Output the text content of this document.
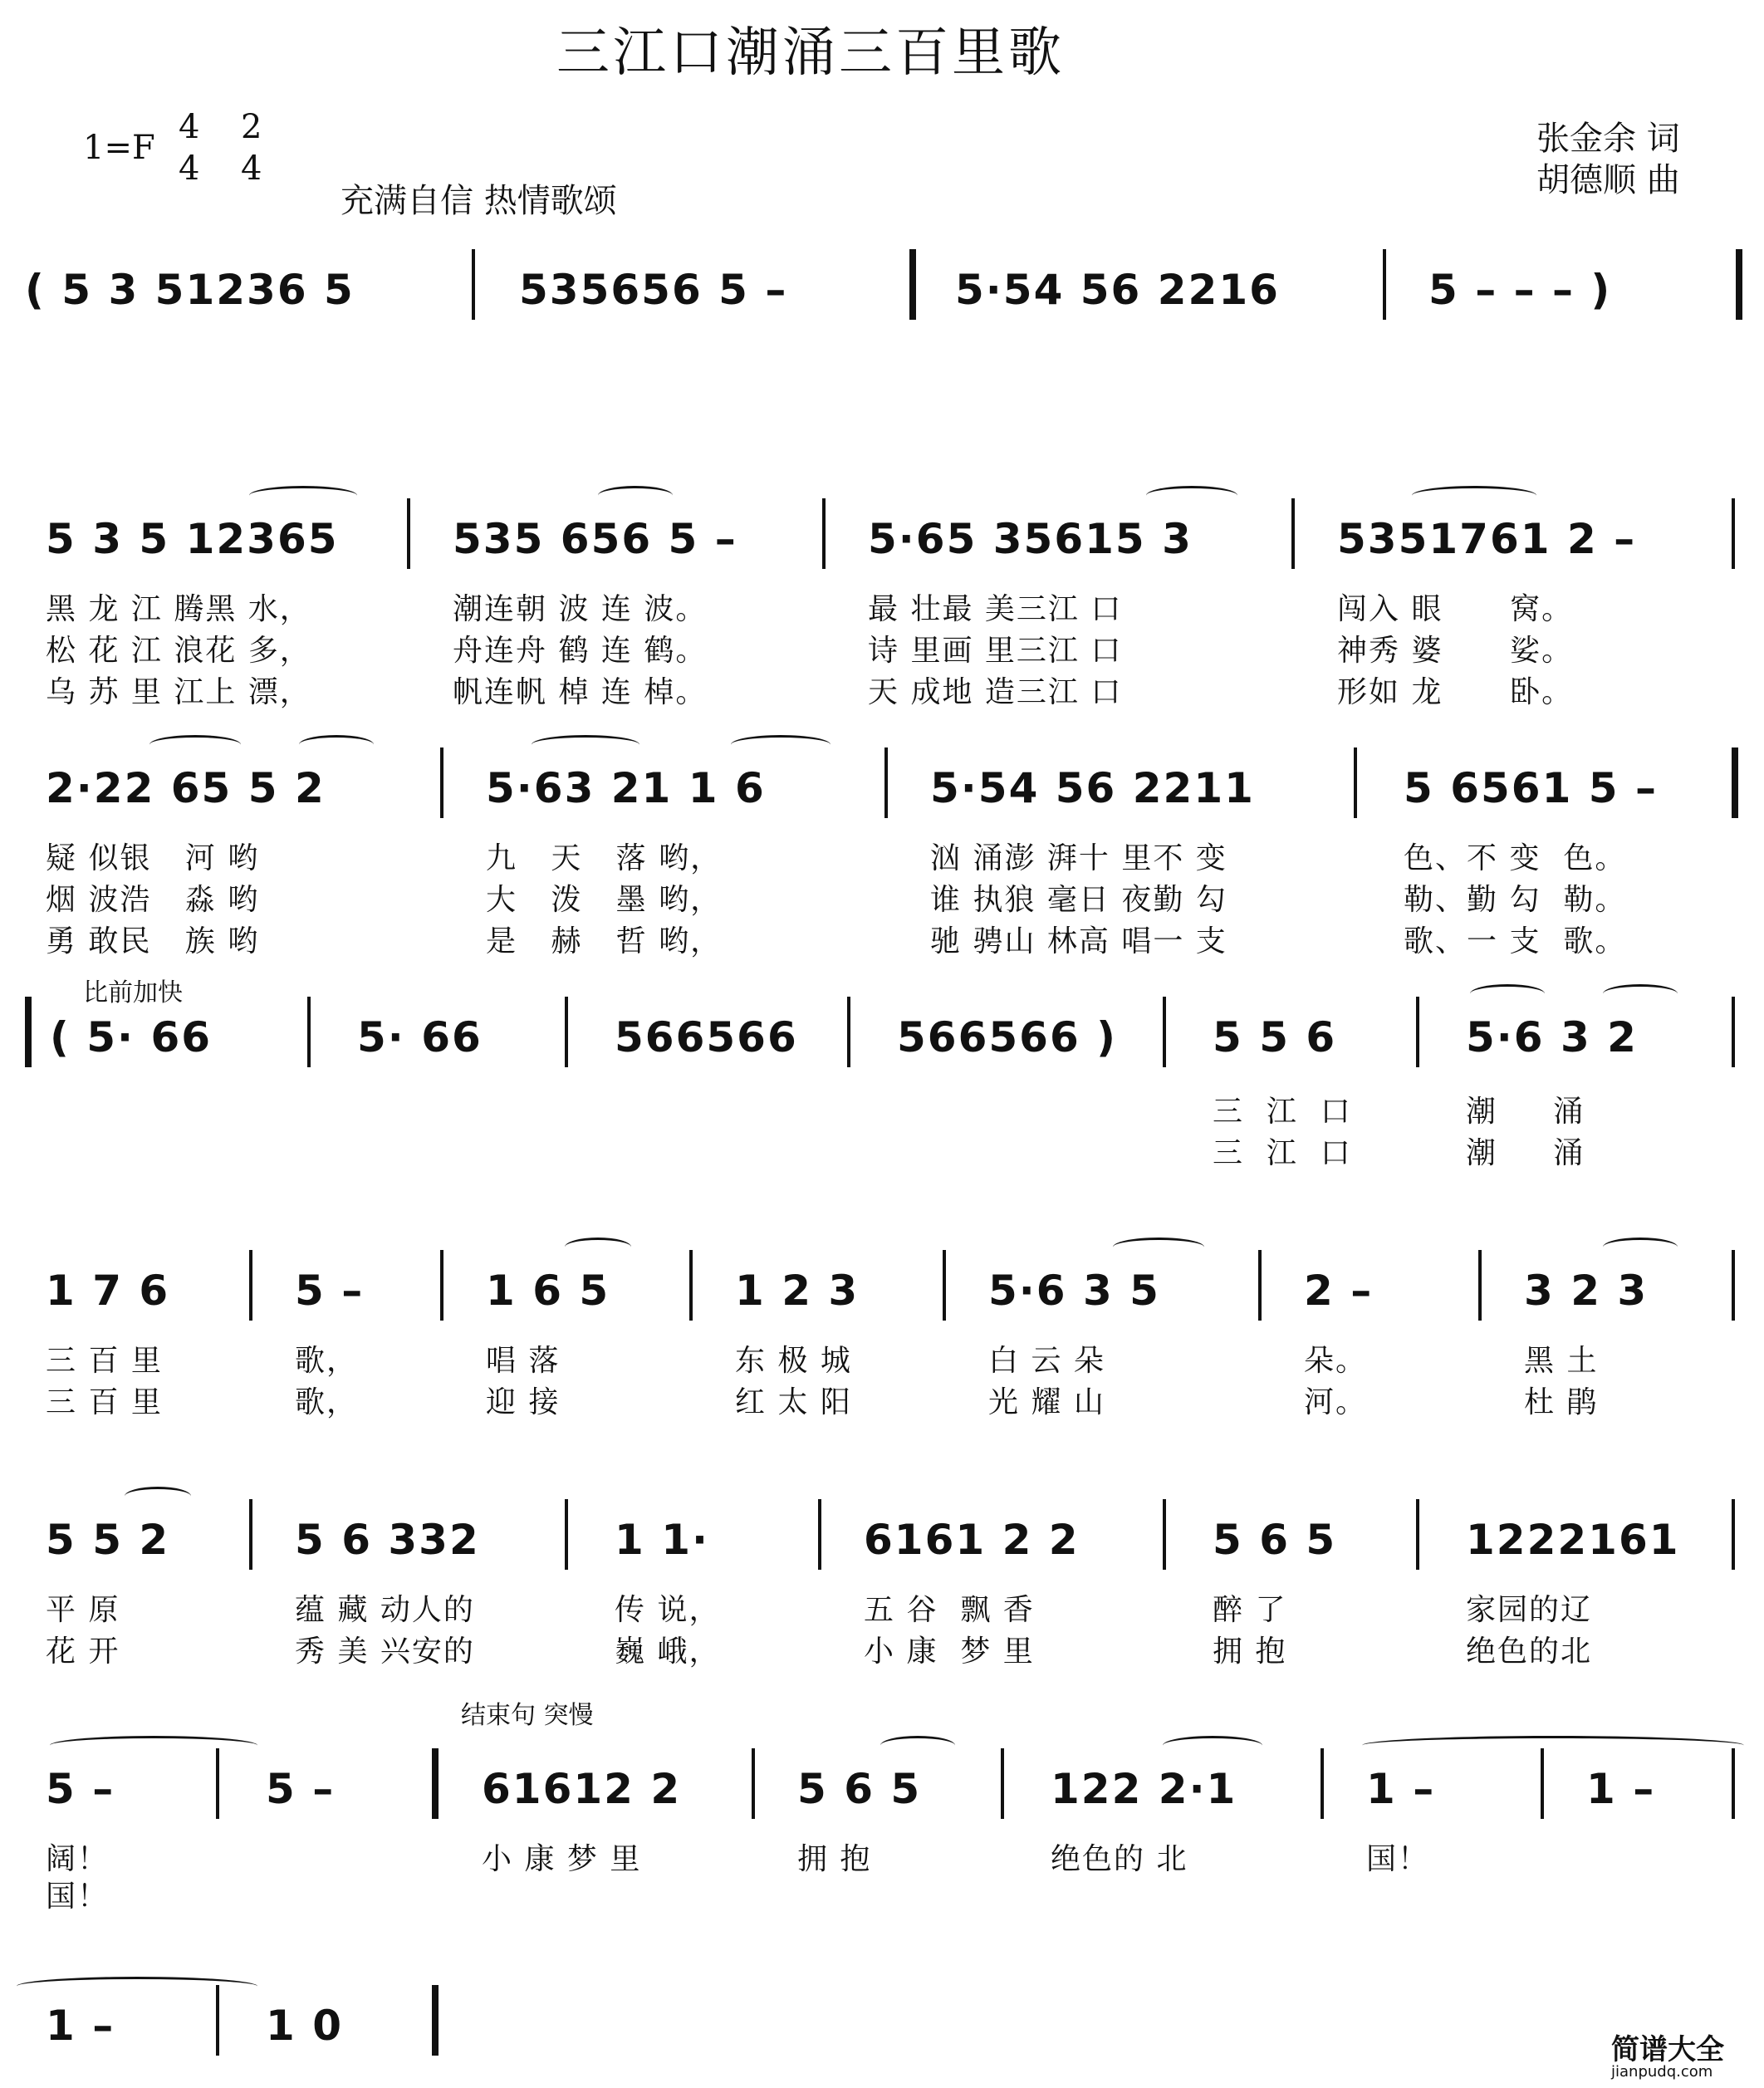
三江口潮涌三百里歌
1=F
4
4
2
4
充满自信 热情歌颂
张金余 词
胡德顺 曲
( 5 3 51236 5	535656 5 –	5·54 56 2216	5 – – – )
5 3 5 12365	535 656 5 –	5·65 35615 3	5351761 2 –
黑 龙 江 腾黑 水，	潮连朝 波 连 波。	最 壮最 美三江 口	闯入 眼      窝。
松 花 江 浪花 多，	舟连舟 鹤 连 鹤。	诗 里画 里三江 口	神秀 婆      娑。
乌 苏 里 江上 漂，	帆连帆 棹 连 棹。	天 成地 造三江 口	形如 龙      卧。
2·22 65 5 2	5·63 21 1 6	5·54 56 2211	5 6561 5 –
疑 似银   河 哟	九   天   落 哟，	汹 涌澎 湃十 里不 变	色、不 变  色。
烟 波浩   淼 哟	大   泼   墨 哟，	谁 执狼 毫日 夜勤 勾	勒、勤 勾  勒。
勇 敢民   族 哟	是   赫   哲 哟，	驰 骋山 林高 唱一 支	歌、一 支  歌。
比前加快
( 5· 66	5· 66	566566 566566 ) 5 5 6	5·6 3 2
三  江  口	潮     涌
三  江  口	潮     涌
1 7 6	5 –	1 6 5	1 2 3	5·6 3 5	2 –	3 2 3
三 百 里	歌，	唱 落	东 极 城	白 云 朵	朵。	黑 土
三 百 里	歌，	迎 接	红 太 阳	光 耀 山	河。	杜 鹃
5 5 2	5 6 332	1 1·	6161 2 2	5 6 5	1222161
平 原	蕴 藏 动人的	传 说，	五 谷  飘 香	醉 了	家园的辽
花 开	秀 美 兴安的	巍 峨，	小 康  梦 里	拥 抱	绝色的北
结束句 突慢
5 –	5 –	61612 2	5 6 5	122 2·1	1 –	1 –
阔！	小 康 梦 里	拥 抱	绝色的 北	国！
国！
1 –	1 0	简谱大全
jianpudq.com
